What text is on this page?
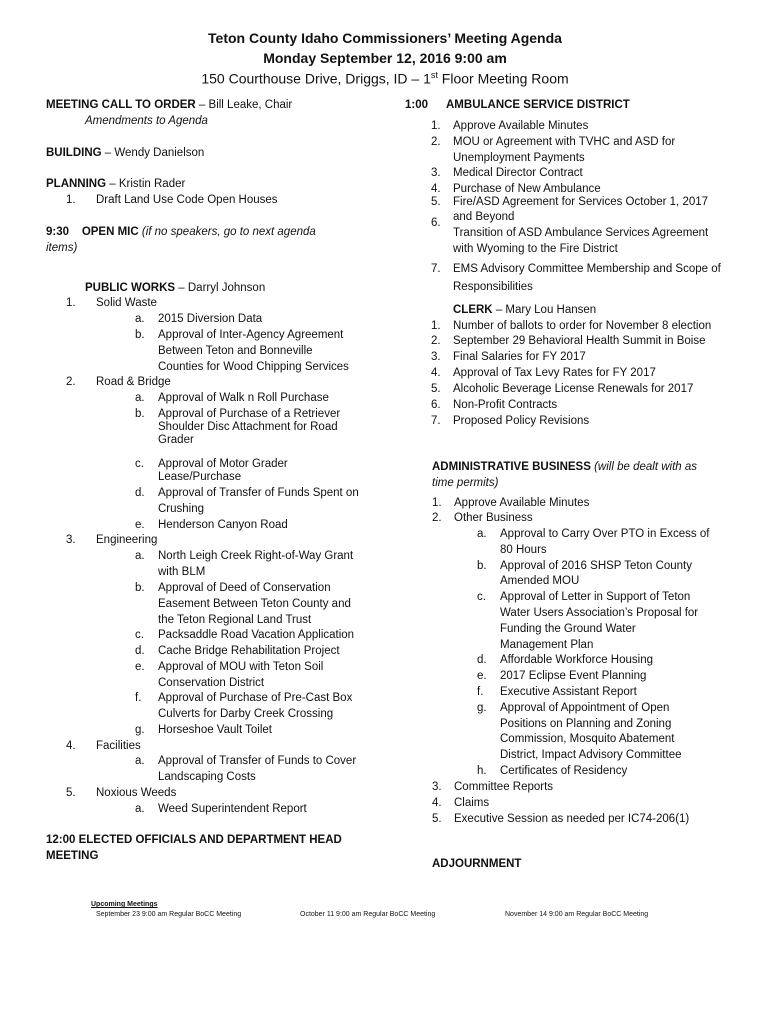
Teton County Idaho Commissioners’ Meeting Agenda
Monday September 12, 2016 9:00 am
150 Courthouse Drive, Driggs, ID – 1st Floor Meeting Room
MEETING CALL TO ORDER – Bill Leake, Chair
Amendments to Agenda
BUILDING – Wendy Danielson
PLANNING – Kristin Rader
1. Draft Land Use Code Open Houses
9:30 OPEN MIC (if no speakers, go to next agenda
items)
PUBLIC WORKS – Darryl Johnson
1. Solid Waste
a. 2015 Diversion Data
b. Approval of Inter-Agency Agreement
Between Teton and Bonneville
Counties for Wood Chipping Services
2. Road & Bridge
a. Approval of Walk n Roll Purchase
b. Approval of Purchase of a Retriever
Shoulder Disc Attachment for Road
Grader
c. Approval of Motor Grader
Lease/Purchase
d. Approval of Transfer of Funds Spent on
Crushing
e. Henderson Canyon Road
3. Engineering
a. North Leigh Creek Right-of-Way Grant
with BLM
b. Approval of Deed of Conservation
Easement Between Teton County and
the Teton Regional Land Trust
c. Packsaddle Road Vacation Application
d. Cache Bridge Rehabilitation Project
e. Approval of MOU with Teton Soil
Conservation District
f. Approval of Purchase of Pre-Cast Box
Culverts for Darby Creek Crossing
g. Horseshoe Vault Toilet
4. Facilities
a. Approval of Transfer of Funds to Cover
Landscaping Costs
5. Noxious Weeds
a. Weed Superintendent Report
12:00 ELECTED OFFICIALS AND DEPARTMENT HEAD
MEETING
1:00 AMBULANCE SERVICE DISTRICT
1. Approve Available Minutes
2. MOU or Agreement with TVHC and ASD for
Unemployment Payments
3. Medical Director Contract
4. Purchase of New Ambulance
5. Fire/ASD Agreement for Services October 1, 2017
and Beyond
6.
Transition of ASD Ambulance Services Agreement
with Wyoming to the Fire District
7. EMS Advisory Committee Membership and Scope of
Responsibilities
CLERK – Mary Lou Hansen
1. Number of ballots to order for November 8 election
2. September 29 Behavioral Health Summit in Boise
3. Final Salaries for FY 2017
4. Approval of Tax Levy Rates for FY 2017
5. Alcoholic Beverage License Renewals for 2017
6. Non-Profit Contracts
7. Proposed Policy Revisions
ADMINISTRATIVE BUSINESS (will be dealt with as
time permits)
1. Approve Available Minutes
2. Other Business
a. Approval to Carry Over PTO in Excess of
80 Hours
b. Approval of 2016 SHSP Teton County
Amended MOU
c. Approval of Letter in Support of Teton
Water Users Association’s Proposal for
Funding the Ground Water
Management Plan
d. Affordable Workforce Housing
e. 2017 Eclipse Event Planning
f. Executive Assistant Report
g. Approval of Appointment of Open
Positions on Planning and Zoning
Commission, Mosquito Abatement
District, Impact Advisory Committee
h. Certificates of Residency
3. Committee Reports
4. Claims
5. Executive Session as needed per IC74-206(1)
ADJOURNMENT
Upcoming Meetings
September 23 9:00 am Regular BoCC Meeting	October 11 9:00 am Regular BoCC Meeting	November 14 9:00 am Regular BoCC Meeting
